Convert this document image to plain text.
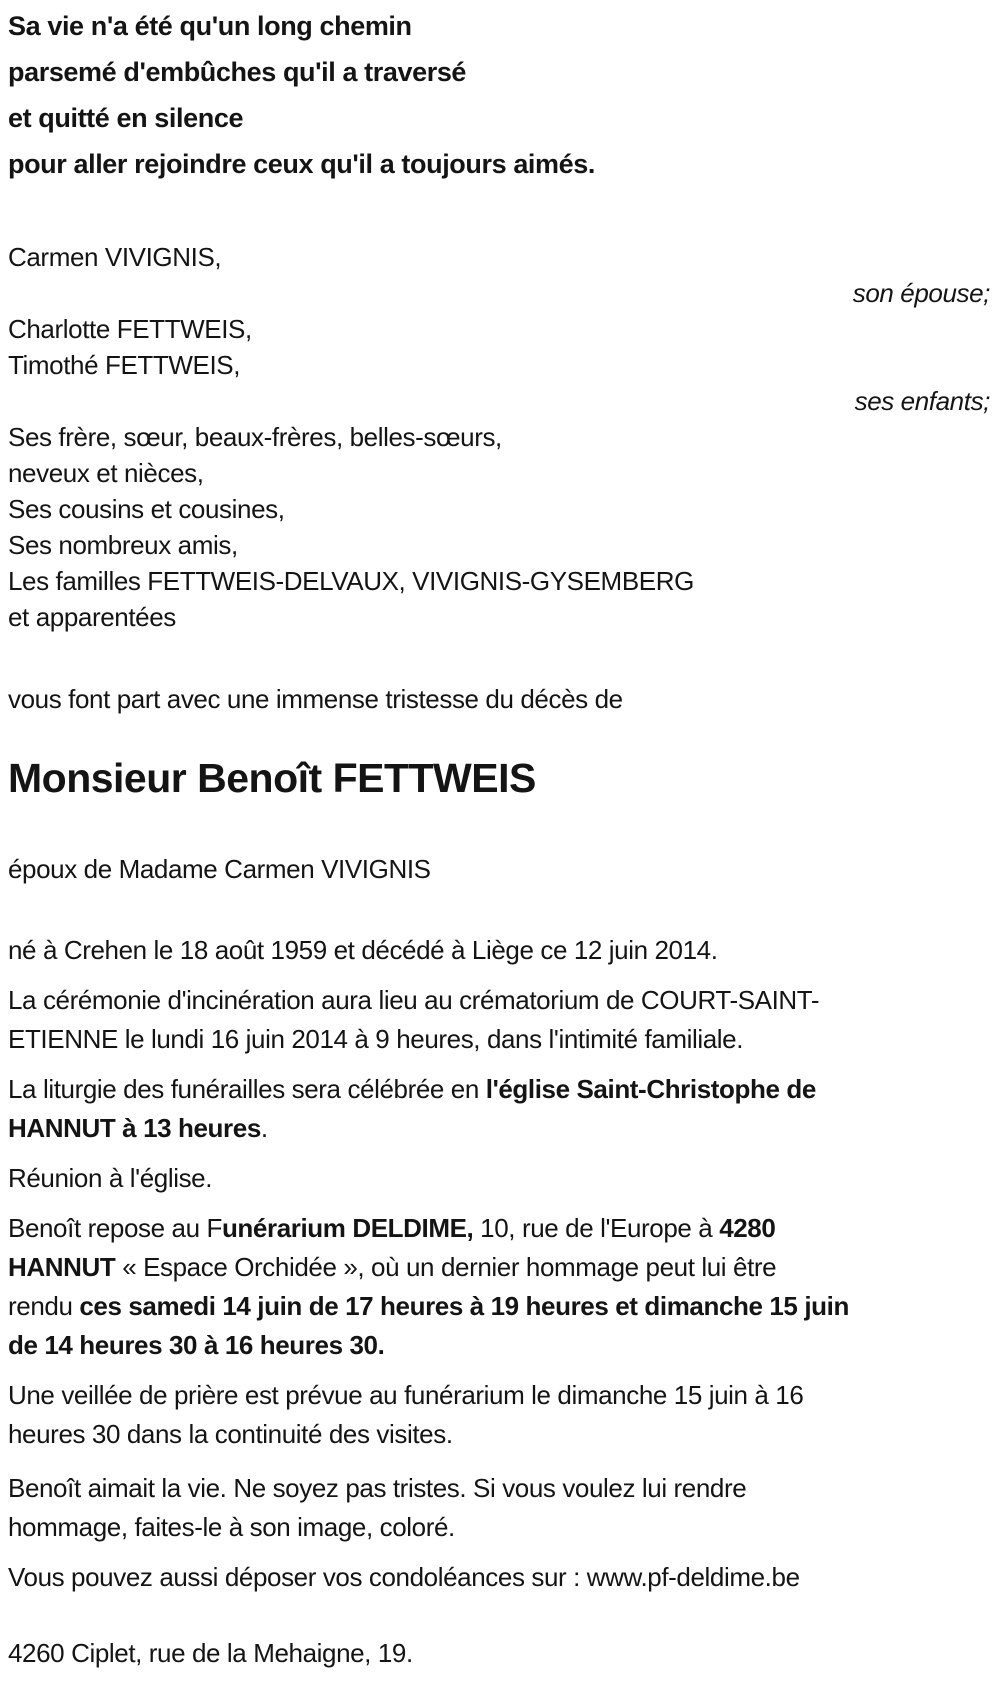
Sa vie n'a été qu'un long chemin
parsemé d'embûches qu'il a traversé
et quitté en silence
pour aller rejoindre ceux qu'il a toujours aimés.
Carmen VIVIGNIS,
son épouse;
Charlotte FETTWEIS,
Timothé FETTWEIS,
ses enfants;
Ses frère, sœur, beaux-frères, belles-sœurs,
neveux et nièces,
Ses cousins et cousines,
Ses nombreux amis,
Les familles FETTWEIS-DELVAUX, VIVIGNIS-GYSEMBERG
et apparentées

vous font part avec une immense tristesse du décès de

Monsieur Benoît FETTWEIS

époux de Madame Carmen VIVIGNIS

né à Crehen le 18 août 1959 et décédé à Liège ce 12 juin 2014.
La cérémonie d'incinération aura lieu au crématorium de COURT-SAINT-
ETIENNE le lundi 16 juin 2014 à 9 heures, dans l'intimité familiale.
La liturgie des funérailles sera célébrée en l'église Saint-Christophe de
HANNUT à 13 heures.
Réunion à l'église.
Benoît repose au Funérarium DELDIME, 10, rue de l'Europe à 4280
HANNUT « Espace Orchidée », où un dernier hommage peut lui être
rendu ces samedi 14 juin de 17 heures à 19 heures et dimanche 15 juin
de 14 heures 30 à 16 heures 30.
Une veillée de prière est prévue au funérarium le dimanche 15 juin à 16
heures 30 dans la continuité des visites.
Benoît aimait la vie. Ne soyez pas tristes. Si vous voulez lui rendre
hommage, faites-le à son image, coloré.
Vous pouvez aussi déposer vos condoléances sur : www.pf-deldime.be
4260 Ciplet, rue de la Mehaigne, 19.
